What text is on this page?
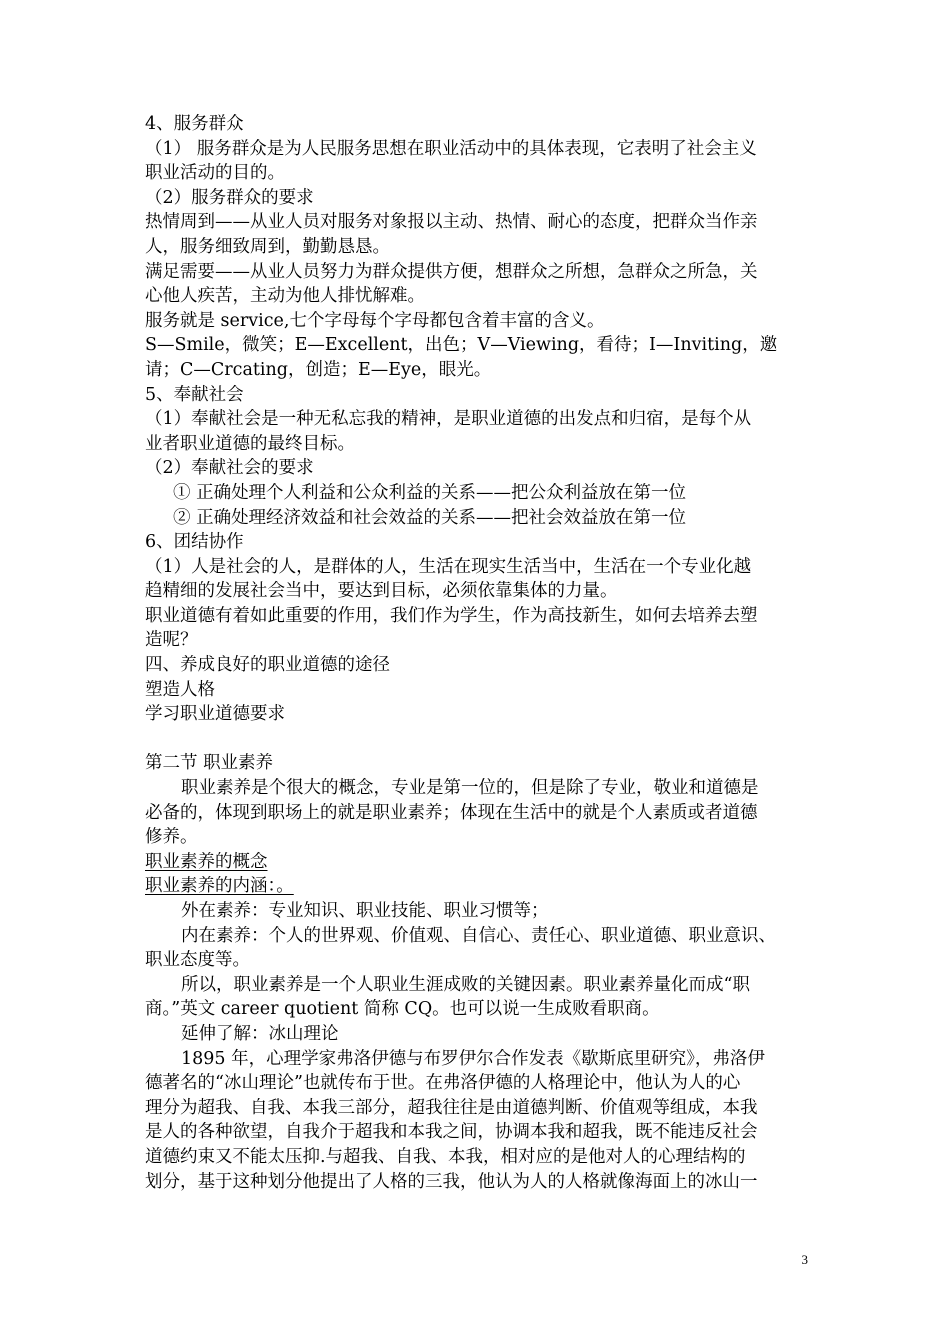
4、服务群众
（1） 服务群众是为人民服务思想在职业活动中的具体表现，它表明了社会主义
职业活动的目的。
（2）服务群众的要求
热情周到——从业人员对服务对象报以主动、热情、耐心的态度，把群众当作亲
人，服务细致周到，勤勤恳恳。
满足需要——从业人员努力为群众提供方便，想群众之所想，急群众之所急，关
心他人疾苦，主动为他人排忧解难。
服务就是 service,七个字母每个字母都包含着丰富的含义。
S—Smile，微笑；E—Excellent，出色；V—Viewing，看待；I—Inviting，邀
请；C—Crcating，创造；E—Eye，眼光。
5、奉献社会
（1）奉献社会是一种无私忘我的精神，是职业道德的出发点和归宿，是每个从
业者职业道德的最终目标。
（2）奉献社会的要求
① 正确处理个人利益和公众利益的关系——把公众利益放在第一位
② 正确处理经济效益和社会效益的关系——把社会效益放在第一位
6、团结协作
（1）人是社会的人，是群体的人，生活在现实生活当中，生活在一个专业化越
趋精细的发展社会当中，要达到目标，必须依靠集体的力量。
职业道德有着如此重要的作用，我们作为学生，作为高技新生，如何去培养去塑
造呢？
四、养成良好的职业道德的途径
塑造人格
学习职业道德要求
第二节 职业素养
职业素养是个很大的概念，专业是第一位的，但是除了专业，敬业和道德是
必备的，体现到职场上的就是职业素养；体现在生活中的就是个人素质或者道德
修养。
职业素养的概念
职业素养的内涵：。
外在素养：专业知识、职业技能、职业习惯等；
内在素养：个人的世界观、价值观、自信心、责任心、职业道德、职业意识、
职业态度等。
所以，职业素养是一个人职业生涯成败的关键因素。职业素养量化而成“职
商。”英文 career quotient 简称 CQ。也可以说一生成败看职商。
延伸了解：冰山理论
1895 年，心理学家弗洛伊德与布罗伊尔合作发表《歇斯底里研究》，弗洛伊
德著名的“冰山理论”也就传布于世。在弗洛伊德的人格理论中，他认为人的心
理分为超我、自我、本我三部分，超我往往是由道德判断、价值观等组成，本我
是人的各种欲望，自我介于超我和本我之间，协调本我和超我，既不能违反社会
道德约束又不能太压抑.与超我、自我、本我，相对应的是他对人的心理结构的
划分，基于这种划分他提出了人格的三我，他认为人的人格就像海面上的冰山一
3
